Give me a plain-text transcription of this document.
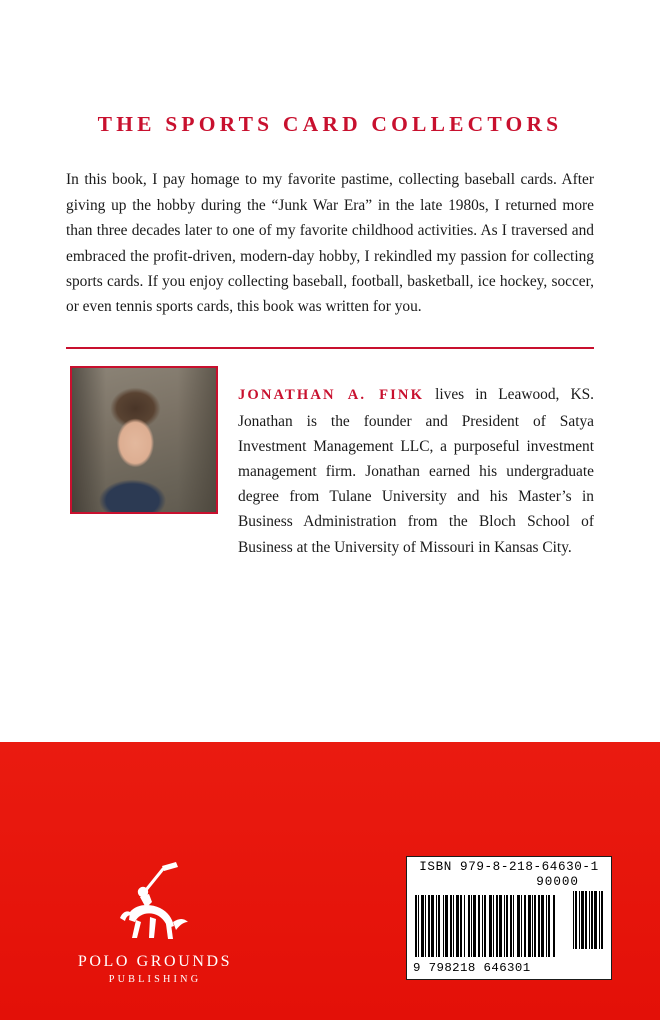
THE SPORTS CARD COLLECTORS

In this book, I pay homage to my favorite pastime, collecting baseball cards. After giving up the hobby during the “Junk War Era” in the late 1980s, I returned more than three decades later to one of my favorite childhood activities. As I traversed and embraced the profit-driven, modern-day hobby, I rekindled my passion for collecting sports cards. If you enjoy collecting baseball, football, basketball, ice hockey, soccer, or even tennis sports cards, this book was written for you.

JONATHAN A. FINK lives in Leawood, KS. Jonathan is the founder and President of Satya Investment Management LLC, a purposeful investment management firm. Jonathan earned his undergraduate degree from Tulane University and his Master’s in Business Administration from the Bloch School of Business at the University of Missouri in Kansas City.

POLO GROUNDS
PUBLISHING
ISBN 979-8-218-64630-1
90000
9 798218 646301
